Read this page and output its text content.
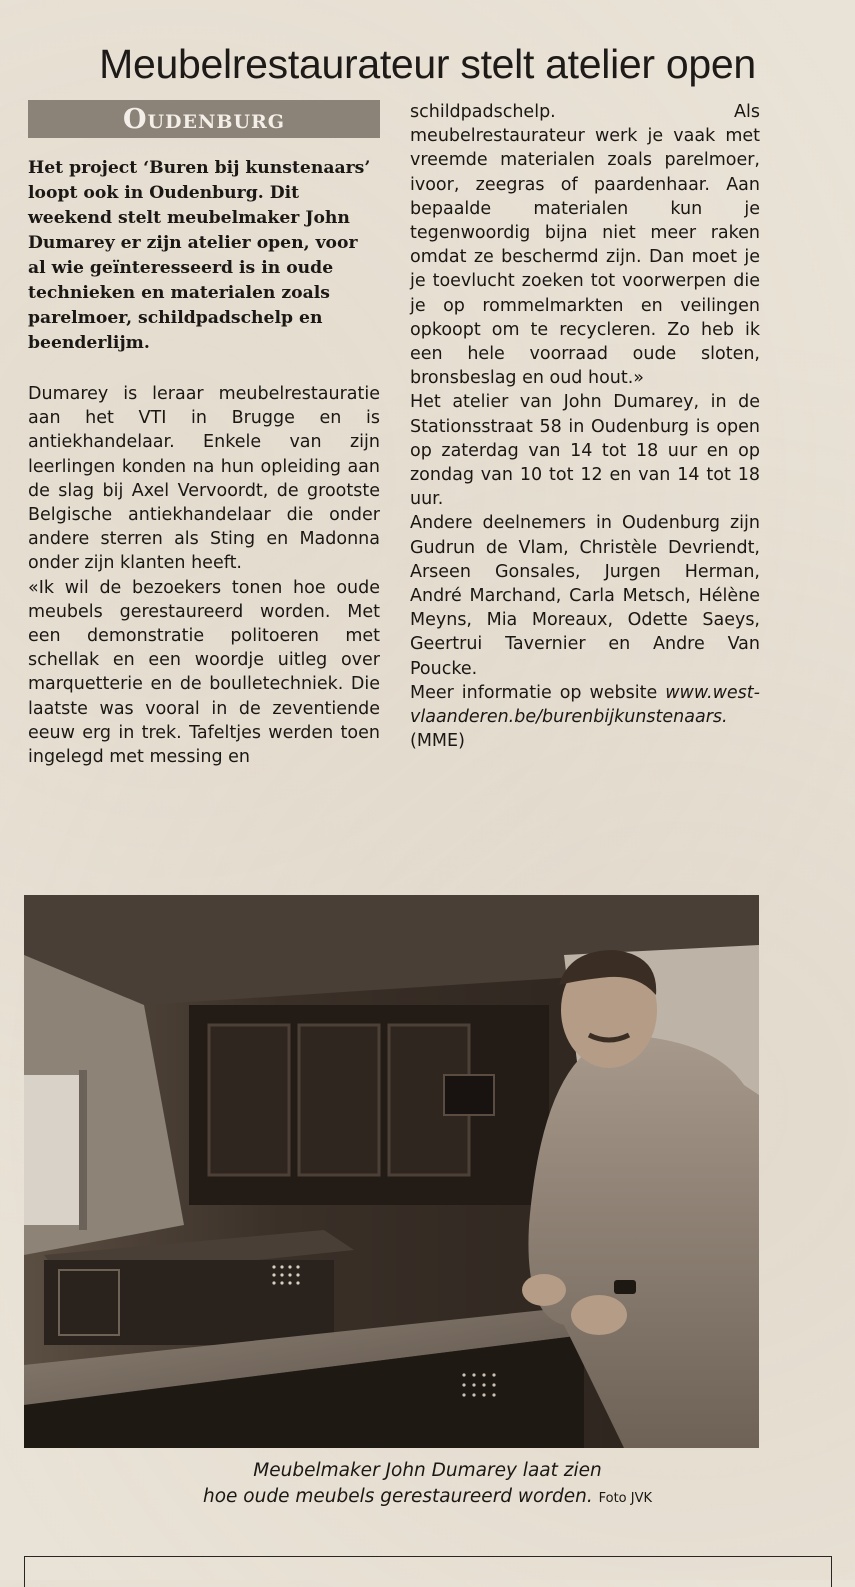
Meubelrestaurateur stelt atelier open
Oudenburg

Het project ‘Buren bij kunstenaars’ loopt ook in Oudenburg. Dit weekend stelt meubelmaker John Dumarey er zijn atelier open, voor al wie geïnteresseerd is in oude technieken en materialen zoals parelmoer, schildpadschelp en beenderlijm.

Dumarey is leraar meubelrestauratie aan het VTI in Brugge en is antiekhandelaar. Enkele van zijn leerlingen konden na hun opleiding aan de slag bij Axel Vervoordt, de grootste Belgische antiekhandelaar die onder andere sterren als Sting en Madonna onder zijn klanten heeft.

«Ik wil de bezoekers tonen hoe oude meubels gerestaureerd worden. Met een demonstratie politoeren met schellak en een woordje uitleg over marquetterie en de boulletechniek. Die laatste was vooral in de zeventiende eeuw erg in trek. Tafeltjes werden toen ingelegd met messing en

schildpadschelp. Als meubelrestaurateur werk je vaak met vreemde materialen zoals parelmoer, ivoor, zeegras of paardenhaar. Aan bepaalde materialen kun je tegenwoordig bijna niet meer raken omdat ze beschermd zijn. Dan moet je je toevlucht zoeken tot voorwerpen die je op rommelmarkten en veilingen opkoopt om te recycleren. Zo heb ik een hele voorraad oude sloten, bronsbeslag en oud hout.»

Het atelier van John Dumarey, in de Stationsstraat 58 in Oudenburg is open op zaterdag van 14 tot 18 uur en op zondag van 10 tot 12 en van 14 tot 18 uur.

Andere deelnemers in Oudenburg zijn Gudrun de Vlam, Christèle Devriendt, Arseen Gonsales, Jurgen Herman, André Marchand, Carla Metsch, Hélène Meyns, Mia Moreaux, Odette Saeys, Geertrui Tavernier en Andre Van Poucke.

Meer informatie op website www.west-vlaanderen.be/burenbijkunstenaars.(MME)

Meubelmaker John Dumarey laat zien
hoe oude meubels gerestaureerd worden. Foto JVK
